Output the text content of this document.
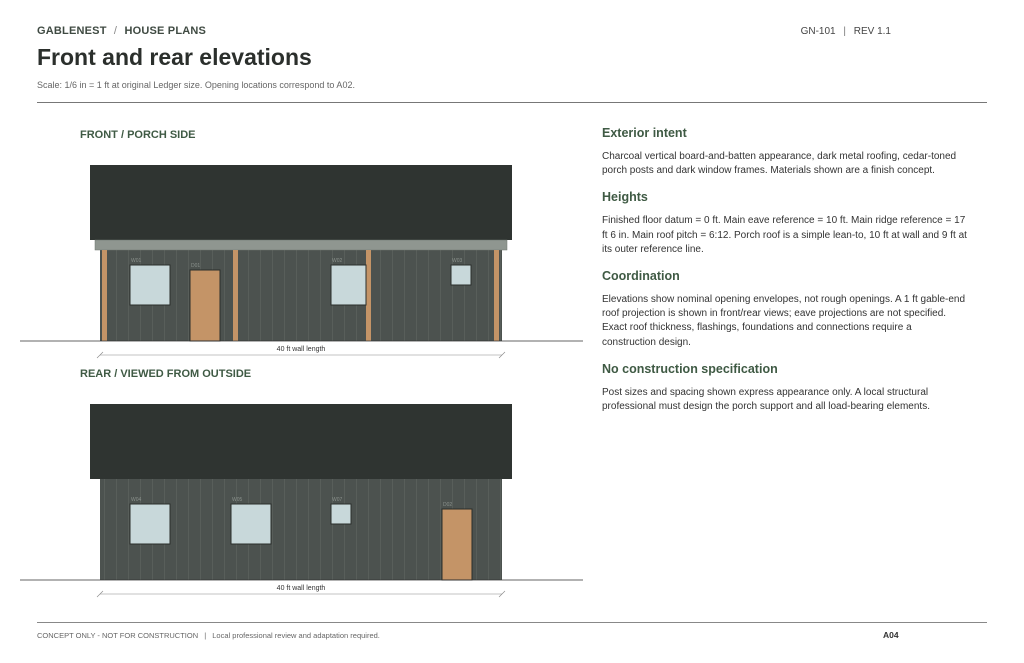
GABLENEST / HOUSE PLANS	GN-101 | REV 1.1
Front and rear elevations
Scale: 1/6 in = 1 ft at original Ledger size. Opening locations correspond to A02.
FRONT / PORCH SIDE
W01
D01
W02	W03
40 ft wall length
REAR / VIEWED FROM OUTSIDE
W04	W05	W07
D02
40 ft wall length
Exterior intent

Charcoal vertical board-and-batten appearance, dark metal roofing, cedar-toned porch posts and dark window frames. Materials shown are a finish concept.

Heights

Finished floor datum = 0 ft. Main eave reference = 10 ft. Main ridge reference = 17 ft 6 in. Main roof pitch = 6:12. Porch roof is a simple lean-to, 10 ft at wall and 9 ft at its outer reference line.

Coordination

Elevations show nominal opening envelopes, not rough openings. A 1 ft gable-end roof projection is shown in front/rear views; eave projections are not specified. Exact roof thickness, flashings, foundations and connections require a construction design.

No construction specification

Post sizes and spacing shown express appearance only. A local structural professional must design the porch support and all load-bearing elements.

CONCEPT ONLY - NOT FOR CONSTRUCTION | Local professional review and adaptation required.	A04
